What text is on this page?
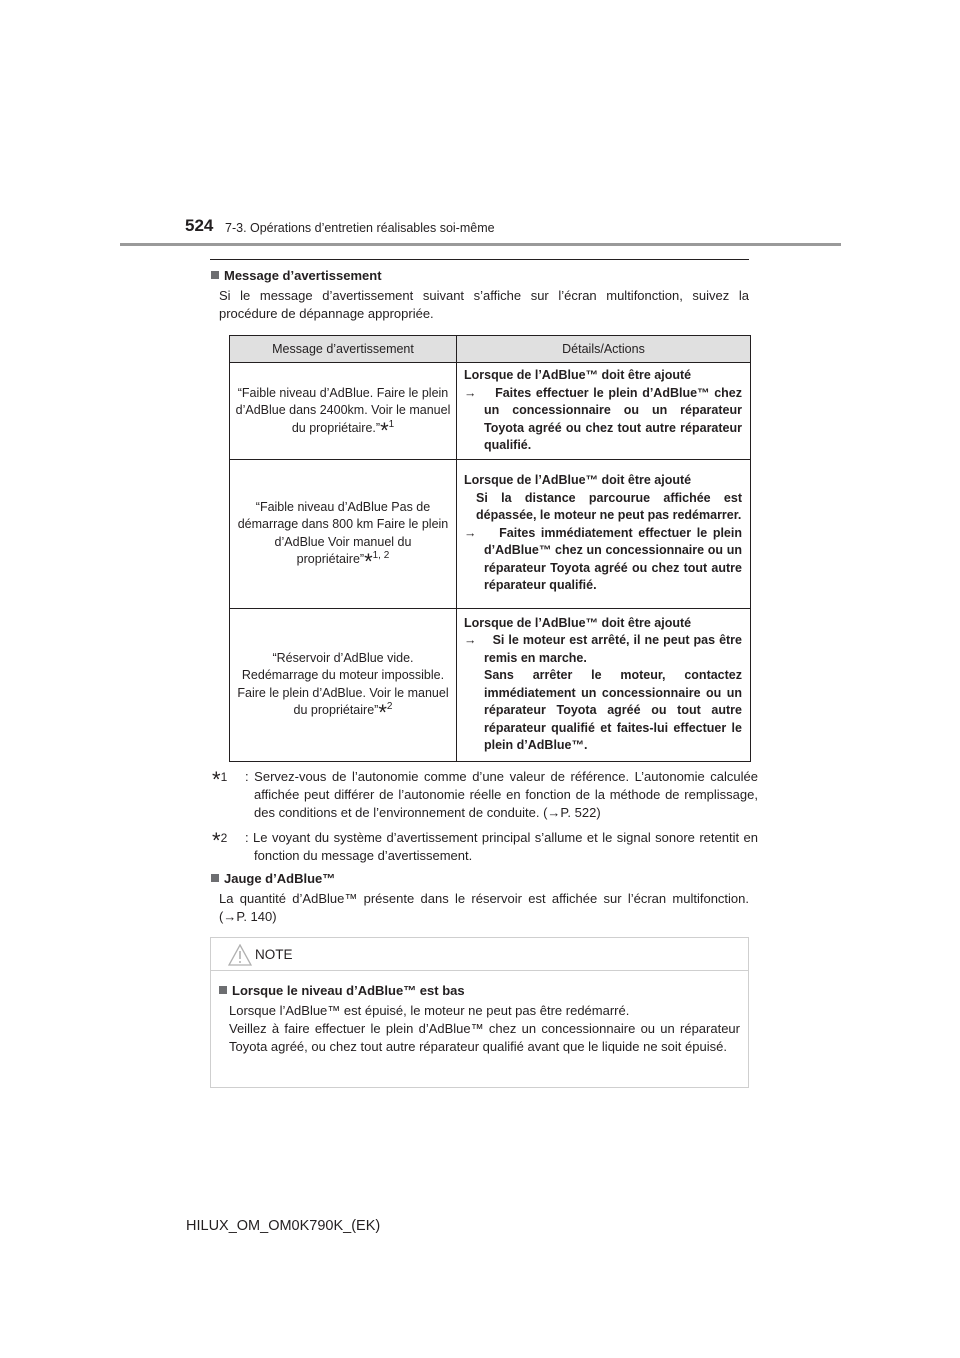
524 7-3. Opérations d’entretien réalisables soi-même
Message d’avertissement
Si le message d’avertissement suivant s’affiche sur l’écran multifonction, suivez la procédure de dépannage appropriée.
Message d’avertissement	Détails/Actions
“Faible niveau d’AdBlue. Faire le plein d’AdBlue dans 2400km. Voir le manuel du propriétaire.”*$^1$	Lorsque de l’AdBlue™ doit être ajouté
→    Faites effectuer le plein d’AdBlue™ chez un concessionnaire ou un réparateur Toyota agréé ou chez tout autre réparateur qualifié.

“Faible niveau d’AdBlue Pas de démarrage dans 800 km Faire le plein d’AdBlue Voir manuel du propriétaire”*$^{1, 2}$	Lorsque de l’AdBlue™ doit être ajouté
Si la distance parcourue affichée est dépassée, le moteur ne peut pas redémarrer.
→    Faites immédiatement effectuer le plein d’AdBlue™ chez un concessionnaire ou un réparateur Toyota agréé ou chez tout autre réparateur qualifié.

“Réservoir d’AdBlue vide. Redémarrage du moteur impossible. Faire le plein d’AdBlue. Voir le manuel du propriétaire”*$^2$	Lorsque de l’AdBlue™ doit être ajouté
→    Si le moteur est arrêté, il ne peut pas être remis en marche.
Sans arrêter le moteur, contactez immédiatement un concessionnaire ou un réparateur Toyota agréé ou tout autre réparateur qualifié et faites-lui effectuer le plein d’AdBlue™.
*1 : Servez-vous de l’autonomie comme d’une valeur de référence. L’autonomie calculée affichée peut différer de l’autonomie réelle en fonction de la méthode de remplissage, des conditions et de l’environnement de conduite. (→P. 522)
*2 : Le voyant du système d’avertissement principal s’allume et le signal sonore retentit en fonction du message d’avertissement.
Jauge d’AdBlue™
La quantité d’AdBlue™ présente dans le réservoir est affichée sur l’écran multifonction. (→P. 140)
NOTE
Lorsque le niveau d’AdBlue™ est bas
Lorsque l’AdBlue™ est épuisé, le moteur ne peut pas être redémarré.
Veillez à faire effectuer le plein d’AdBlue™ chez un concessionnaire ou un réparateur Toyota agréé, ou chez tout autre réparateur qualifié avant que le liquide ne soit épuisé.
HILUX_OM_OM0K790K_(EK)
